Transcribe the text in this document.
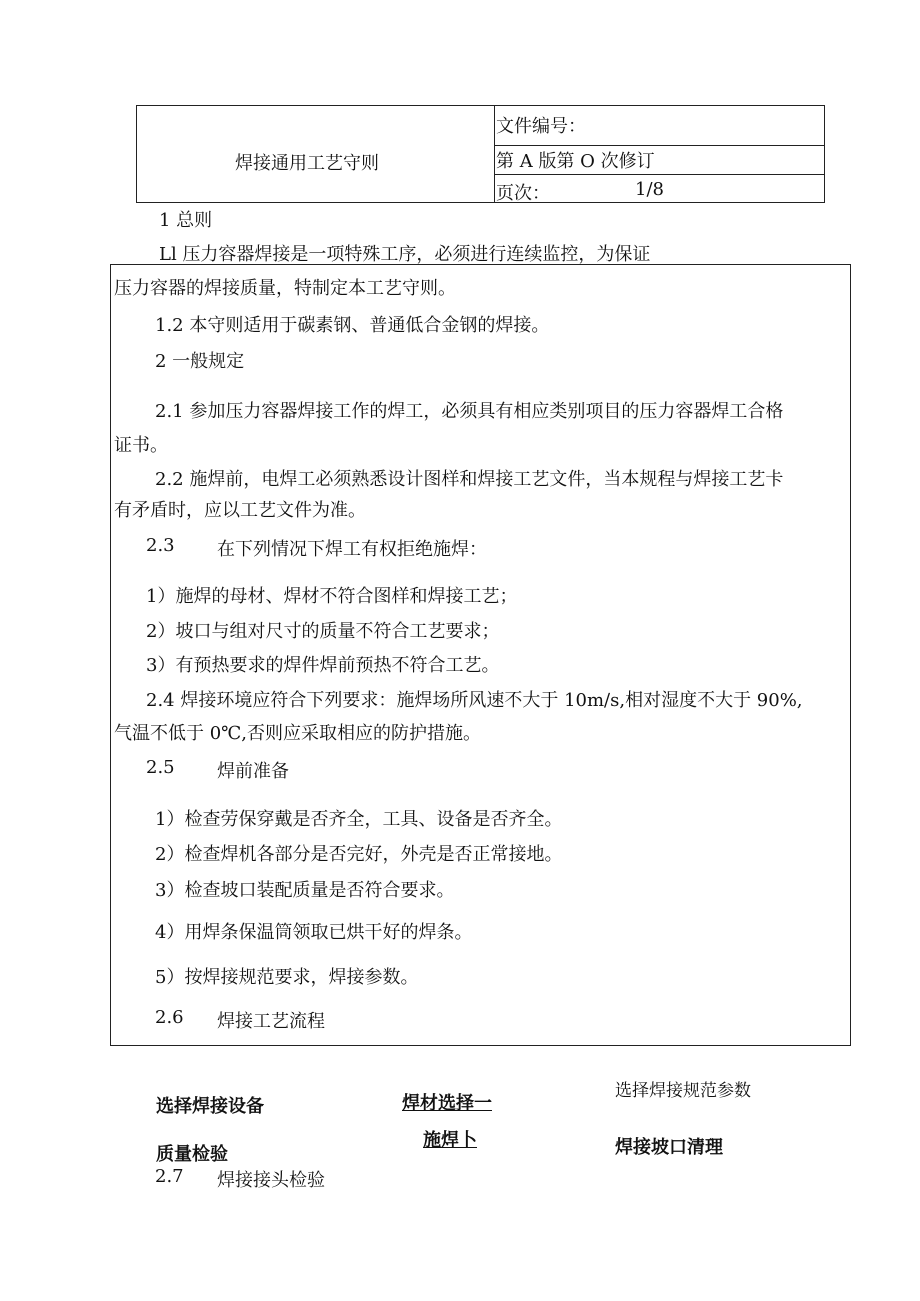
焊接通用工艺守则
文件编号：
第 A 版第 O 次修订
页次：	1/8
1 总则
Ll 压力容器焊接是一项特殊工序，必须进行连续监控，为保证
压力容器的焊接质量，特制定本工艺守则。
1.2 本守则适用于碳素钢、普通低合金钢的焊接。
2 一般规定
2.1 参加压力容器焊接工作的焊工，必须具有相应类别项目的压力容器焊工合格
证书。
2.2 施焊前，电焊工必须熟悉设计图样和焊接工艺文件，当本规程与焊接工艺卡
有矛盾时，应以工艺文件为准。
2.3 在下列情况下焊工有权拒绝施焊：
1）施焊的母材、焊材不符合图样和焊接工艺；
2）坡口与组对尺寸的质量不符合工艺要求；
3）有预热要求的焊件焊前预热不符合工艺。
2.4 焊接环境应符合下列要求：施焊场所风速不大于 10m∕s,相对湿度不大于 90%,
气温不低于 0℃,否则应采取相应的防护措施。
2.5 焊前准备
1）检查劳保穿戴是否齐全，工具、设备是否齐全。
2）检查焊机各部分是否完好，外壳是否正常接地。
3）检查坡口装配质量是否符合要求。
4）用焊条保温筒领取已烘干好的焊条。
5）按焊接规范要求，焊接参数。
2.6 焊接工艺流程
选择焊接设备	焊材选择一
选择焊接规范参数
施焊卜
质量检验	焊接坡口清理
2.7 焊接接头检验
